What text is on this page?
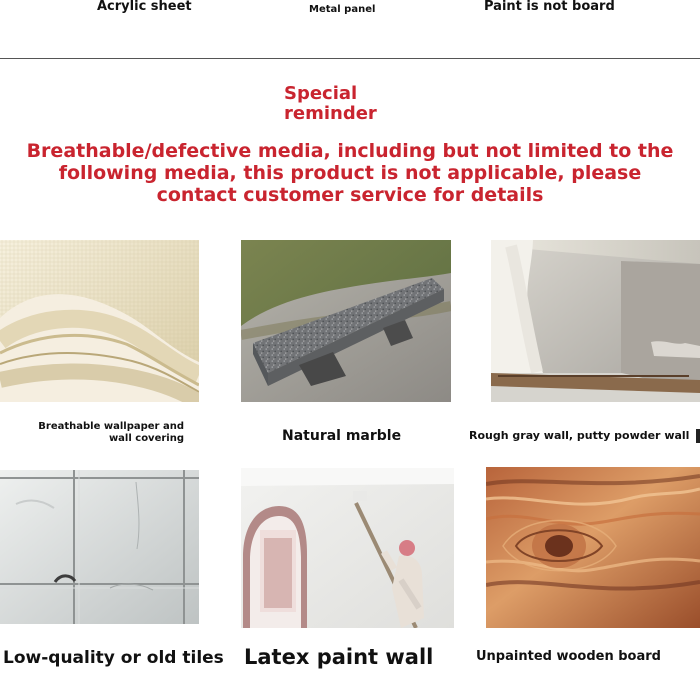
Acrylic sheet	Metal panel	Paint is not board
Special
reminder
Breathable/defective media, including but not limited to the
following media, this product is not applicable, please
contact customer service for details
Breathable wallpaper and
wall covering	Natural marble	Rough gray wall, putty powder wall
Low-quality or old tiles Latex paint wall	Unpainted wooden board
